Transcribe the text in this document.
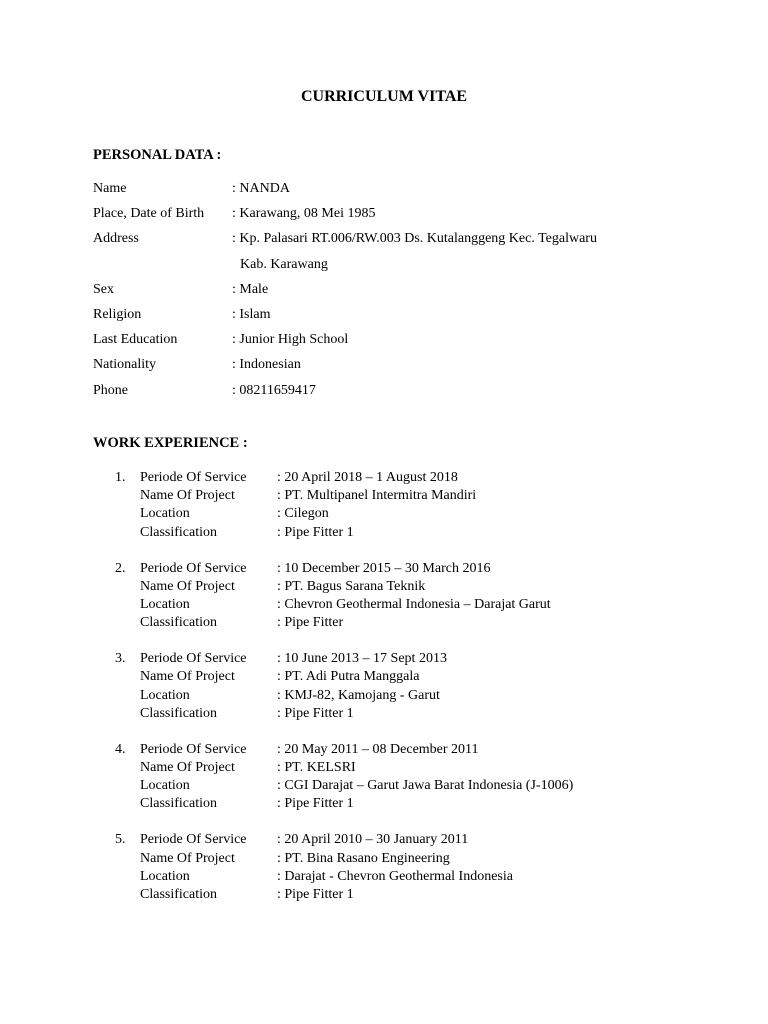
CURRICULUM VITAE
PERSONAL DATA :
Name	: NANDA
Place, Date of Birth : Karawang, 08 Mei 1985
Address	: Kp. Palasari RT.006/RW.003 Ds. Kutalanggeng Kec. Tegalwaru
Kab. Karawang
Sex	: Male
Religion	: Islam
Last Education	: Junior High School
Nationality	: Indonesian
Phone	: 08211659417
WORK EXPERIENCE :
1. Periode Of Service : 20 April 2018 – 1 August 2018
Name Of Project	: PT. Multipanel Intermitra Mandiri
Location	: Cilegon
Classification	: Pipe Fitter 1
2. Periode Of Service : 10 December 2015 – 30 March 2016
Name Of Project	: PT. Bagus Sarana Teknik
Location	: Chevron Geothermal Indonesia – Darajat Garut
Classification	: Pipe Fitter
3. Periode Of Service : 10 June 2013 – 17 Sept 2013
Name Of Project	: PT. Adi Putra Manggala
Location	: KMJ-82, Kamojang - Garut
Classification	: Pipe Fitter 1
4. Periode Of Service : 20 May 2011 – 08 December 2011
Name Of Project	: PT. KELSRI
Location	: CGI Darajat – Garut Jawa Barat Indonesia (J-1006)
Classification	: Pipe Fitter 1
5. Periode Of Service : 20 April 2010 – 30 January 2011
Name Of Project	: PT. Bina Rasano Engineering
Location	: Darajat - Chevron Geothermal Indonesia
Classification	: Pipe Fitter 1
